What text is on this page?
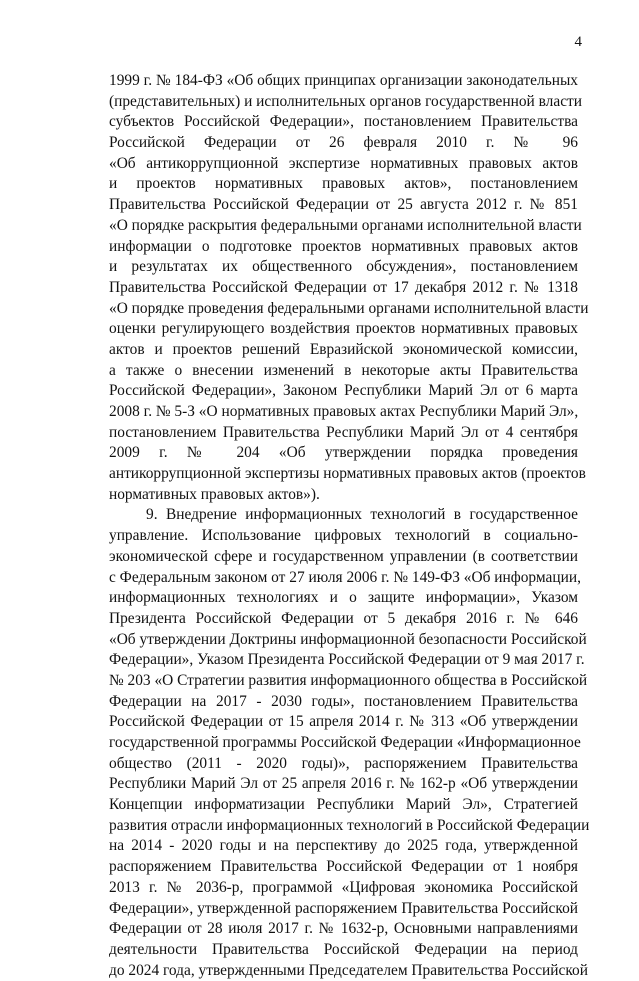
4
1999 г. № 184-ФЗ «Об общих принципах организации законодательных
(представительных) и исполнительных органов государственной власти
субъектов Российской Федерации», постановлением Правительства
Российской Федерации от 26 февраля 2010 г. № 96
«Об антикоррупционной экспертизе нормативных правовых актов
и проектов нормативных правовых актов», постановлением
Правительства Российской Федерации от 25 августа 2012 г. № 851
«О порядке раскрытия федеральными органами исполнительной власти
информации о подготовке проектов нормативных правовых актов
и результатах их общественного обсуждения», постановлением
Правительства Российской Федерации от 17 декабря 2012 г. № 1318
«О порядке проведения федеральными органами исполнительной власти
оценки регулирующего воздействия проектов нормативных правовых
актов и проектов решений Евразийской экономической комиссии,
а также о внесении изменений в некоторые акты Правительства
Российской Федерации», Законом Республики Марий Эл от 6 марта
2008 г. № 5-З «О нормативных правовых актах Республики Марий Эл»,
постановлением Правительства Республики Марий Эл от 4 сентября
2009 г. № 204 «Об утверждении порядка проведения
антикоррупционной экспертизы нормативных правовых актов (проектов
нормативных правовых актов»).
9. Внедрение информационных технологий в государственное
управление. Использование цифровых технологий в социально-
экономической сфере и государственном управлении (в соответствии
с Федеральным законом от 27 июля 2006 г. № 149-ФЗ «Об информации,
информационных технологиях и о защите информации», Указом
Президента Российской Федерации от 5 декабря 2016 г. № 646
«Об утверждении Доктрины информационной безопасности Российской
Федерации», Указом Президента Российской Федерации от 9 мая 2017 г.
№ 203 «О Стратегии развития информационного общества в Российской
Федерации на 2017 - 2030 годы», постановлением Правительства
Российской Федерации от 15 апреля 2014 г. № 313 «Об утверждении
государственной программы Российской Федерации «Информационное
общество (2011 - 2020 годы)», распоряжением Правительства
Республики Марий Эл от 25 апреля 2016 г. № 162-р «Об утверждении
Концепции информатизации Республики Марий Эл», Стратегией
развития отрасли информационных технологий в Российской Федерации
на 2014 - 2020 годы и на перспективу до 2025 года, утвержденной
распоряжением Правительства Российской Федерации от 1 ноября
2013 г. № 2036-р, программой «Цифровая экономика Российской
Федерации», утвержденной распоряжением Правительства Российской
Федерации от 28 июля 2017 г. № 1632-р, Основными направлениями
деятельности Правительства Российской Федерации на период
до 2024 года, утвержденными Председателем Правительства Российской
